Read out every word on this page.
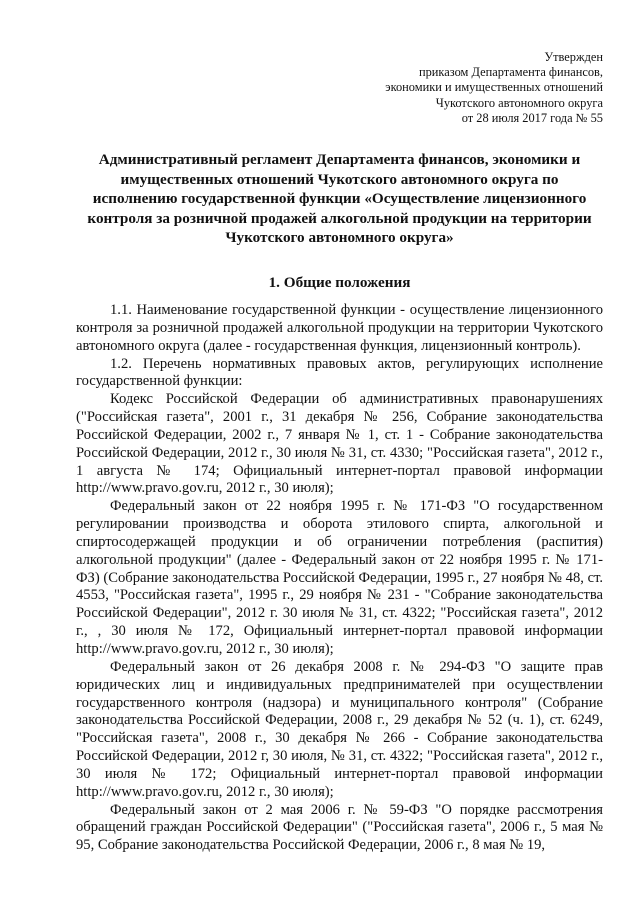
Утвержден
приказом Департамента финансов,
экономики и имущественных отношений
Чукотского автономного округа
от 28 июля 2017 года № 55
Административный регламент Департамента финансов, экономики и имущественных отношений Чукотского автономного округа по исполнению государственной функции «Осуществление лицензионного контроля за розничной продажей алкогольной продукции на территории Чукотского автономного округа»
1. Общие положения

1.1. Наименование государственной функции - осуществление лицензионного контроля за розничной продажей алкогольной продукции на территории Чукотского автономного округа (далее - государственная функция, лицензионный контроль).

1.2. Перечень нормативных правовых актов, регулирующих исполнение государственной функции:

Кодекс Российской Федерации об административных правонарушениях ("Российская газета", 2001 г., 31 декабря № 256, Собрание законодательства Российской Федерации, 2002 г., 7 января № 1, ст. 1 - Собрание законодательства Российской Федерации, 2012 г., 30 июля № 31, ст. 4330; "Российская газета", 2012 г., 1 августа № 174; Официальный интернет-портал правовой информации http://www.pravo.gov.ru, 2012 г., 30 июля);

Федеральный закон от 22 ноября 1995 г. № 171-ФЗ "О государственном регулировании производства и оборота этилового спирта, алкогольной и спиртосодержащей продукции и об ограничении потребления (распития) алкогольной продукции" (далее - Федеральный закон от 22 ноября 1995 г. № 171-ФЗ) (Собрание законодательства Российской Федерации, 1995 г., 27 ноября № 48, ст. 4553, "Российская газета", 1995 г., 29 ноября № 231 - "Собрание законодательства Российской Федерации", 2012 г. 30 июля № 31, ст. 4322; "Российская газета", 2012 г., , 30 июля № 172, Официальный интернет-портал правовой информации http://www.pravo.gov.ru, 2012 г., 30 июля);

Федеральный закон от 26 декабря 2008 г. № 294-ФЗ "О защите прав юридических лиц и индивидуальных предпринимателей при осуществлении государственного контроля (надзора) и муниципального контроля" (Собрание законодательства Российской Федерации, 2008 г., 29 декабря № 52 (ч. 1), ст. 6249, "Российская газета", 2008 г., 30 декабря № 266 - Собрание законодательства Российской Федерации, 2012 г, 30 июля, № 31, ст. 4322; "Российская газета", 2012 г., 30 июля № 172; Официальный интернет-портал правовой информации http://www.pravo.gov.ru, 2012 г., 30 июля);

Федеральный закон от 2 мая 2006 г. № 59-ФЗ "О порядке рассмотрения обращений граждан Российской Федерации" ("Российская газета", 2006 г., 5 мая № 95, Собрание законодательства Российской Федерации, 2006 г., 8 мая № 19,
